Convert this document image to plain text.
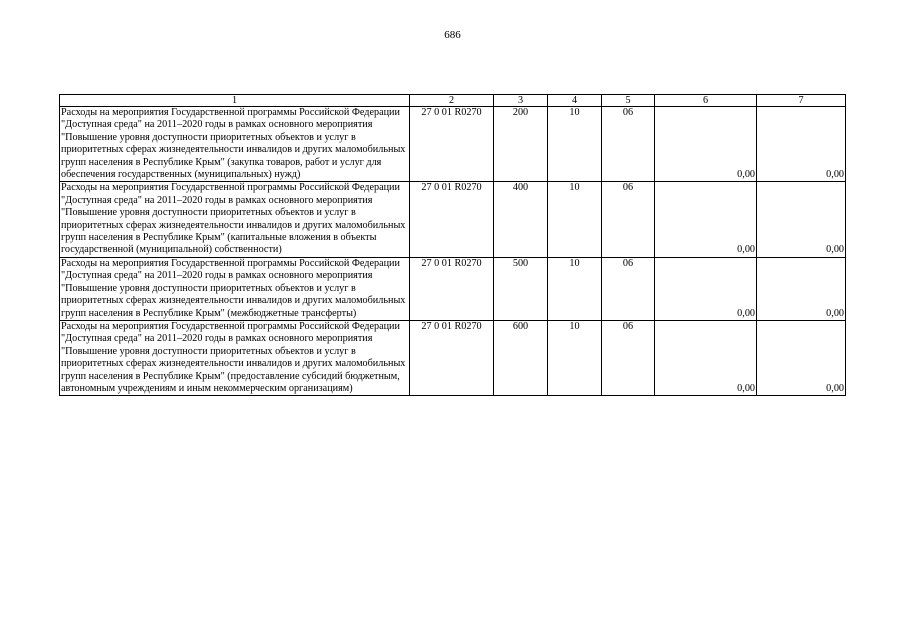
686
1	2	3	4	5	6	7
Расходы на мероприятия Государственной программы Российской Федерации "Доступная среда" на 2011–2020 годы в рамках основного мероприятия "Повышение уровня доступности приоритетных объектов и услуг в приоритетных сферах жизнедеятельности инвалидов и других маломобильных групп населения в Республике Крым" (закупка товаров, работ и услуг для обеспечения государственных (муниципальных) нужд)	27 0 01 R0270	200	10	06	0,00	0,00
Расходы на мероприятия Государственной программы Российской Федерации "Доступная среда" на 2011–2020 годы в рамках основного мероприятия "Повышение уровня доступности приоритетных объектов и услуг в приоритетных сферах жизнедеятельности инвалидов и других маломобильных групп населения в Республике Крым" (капитальные вложения в объекты государственной (муниципальной) собственности)	27 0 01 R0270	400	10	06	0,00	0,00
Расходы на мероприятия Государственной программы Российской Федерации "Доступная среда" на 2011–2020 годы в рамках основного мероприятия "Повышение уровня доступности приоритетных объектов и услуг в приоритетных сферах жизнедеятельности инвалидов и других маломобильных групп населения в Республике Крым" (межбюджетные трансферты)	27 0 01 R0270	500	10	06	0,00	0,00
Расходы на мероприятия Государственной программы Российской Федерации "Доступная среда" на 2011–2020 годы в рамках основного мероприятия "Повышение уровня доступности приоритетных объектов и услуг в приоритетных сферах жизнедеятельности инвалидов и других маломобильных групп населения в Республике Крым" (предоставление субсидий бюджетным, автономным учреждениям и иным некоммерческим организациям)	27 0 01 R0270	600	10	06	0,00	0,00
